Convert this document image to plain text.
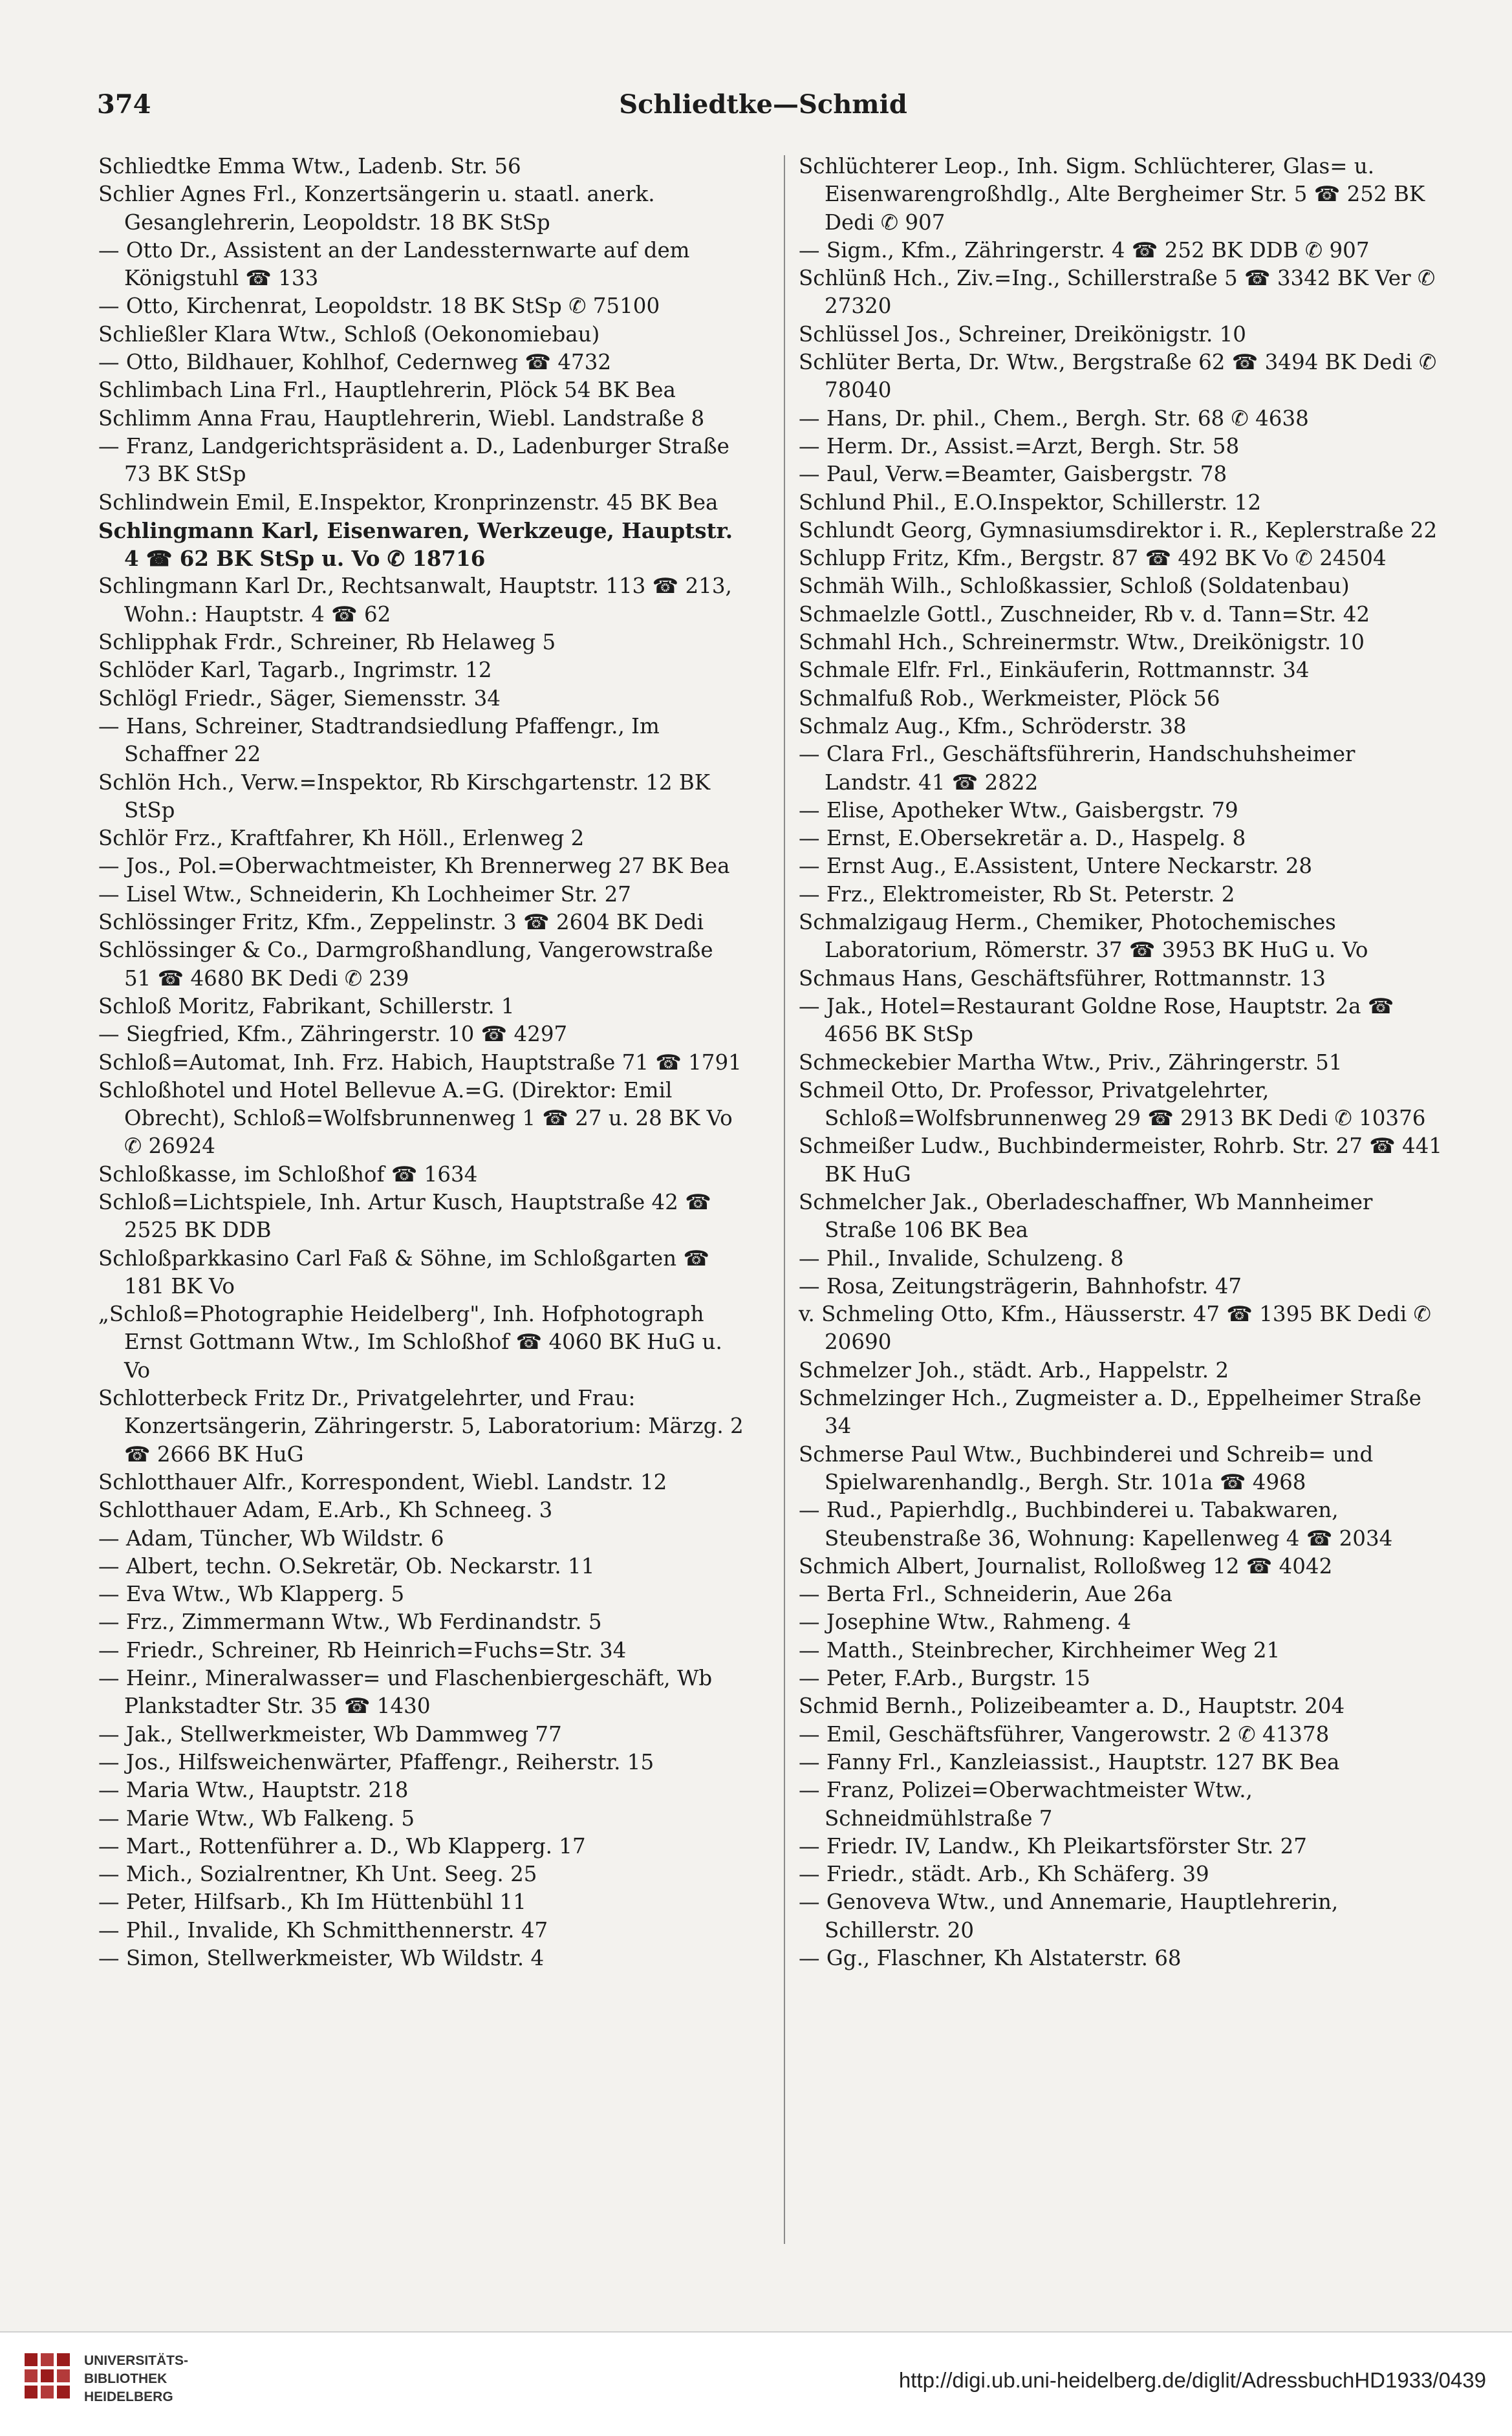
374	Schliedtke—Schmid
Schliedtke Emma Wtw., Ladenb. Str. 56
Schlier Agnes Frl., Konzertsängerin u. staatl. anerk. Gesanglehrerin, Leopoldstr. 18 BK StSp
— Otto Dr., Assistent an der Landessternwarte auf dem Königstuhl ☎ 133
— Otto, Kirchenrat, Leopoldstr. 18 BK StSp ✆ 75100
Schließler Klara Wtw., Schloß (Oekonomiebau)
— Otto, Bildhauer, Kohlhof, Cedernweg ☎ 4732
Schlimbach Lina Frl., Hauptlehrerin, Plöck 54 BK Bea
Schlimm Anna Frau, Hauptlehrerin, Wiebl. Landstraße 8
— Franz, Landgerichtspräsident a. D., Ladenburger Straße 73 BK StSp
Schlindwein Emil, E.Inspektor, Kronprinzenstr. 45 BK Bea
Schlingmann Karl, Eisenwaren, Werkzeuge, Hauptstr. 4 ☎ 62 BK StSp u. Vo ✆ 18716
Schlingmann Karl Dr., Rechtsanwalt, Hauptstr. 113 ☎ 213, Wohn.: Hauptstr. 4 ☎ 62
Schlipphak Frdr., Schreiner, Rb Helaweg 5
Schlöder Karl, Tagarb., Ingrimstr. 12
Schlögl Friedr., Säger, Siemensstr. 34
— Hans, Schreiner, Stadtrandsiedlung Pfaffengr., Im Schaffner 22
Schlön Hch., Verw.=Inspektor, Rb Kirschgartenstr. 12 BK StSp
Schlör Frz., Kraftfahrer, Kh Höll., Erlenweg 2
— Jos., Pol.=Oberwachtmeister, Kh Brennerweg 27 BK Bea
— Lisel Wtw., Schneiderin, Kh Lochheimer Str. 27
Schlössinger Fritz, Kfm., Zeppelinstr. 3 ☎ 2604 BK Dedi
Schlössinger & Co., Darmgroßhandlung, Vangerowstraße 51 ☎ 4680 BK Dedi ✆ 239
Schloß Moritz, Fabrikant, Schillerstr. 1
— Siegfried, Kfm., Zähringerstr. 10 ☎ 4297
Schloß=Automat, Inh. Frz. Habich, Hauptstraße 71 ☎ 1791
Schloßhotel und Hotel Bellevue A.=G. (Direktor: Emil Obrecht), Schloß=Wolfsbrunnenweg 1 ☎ 27 u. 28 BK Vo ✆ 26924
Schloßkasse, im Schloßhof ☎ 1634
Schloß=Lichtspiele, Inh. Artur Kusch, Hauptstraße 42 ☎ 2525 BK DDB
Schloßparkkasino Carl Faß & Söhne, im Schloßgarten ☎ 181 BK Vo
„Schloß=Photographie Heidelberg", Inh. Hofphotograph Ernst Gottmann Wtw., Im Schloßhof ☎ 4060 BK HuG u. Vo
Schlotterbeck Fritz Dr., Privatgelehrter, und Frau: Konzertsängerin, Zähringerstr. 5, Laboratorium: Märzg. 2 ☎ 2666 BK HuG
Schlotthauer Alfr., Korrespondent, Wiebl. Landstr. 12
Schlotthauer Adam, E.Arb., Kh Schneeg. 3
— Adam, Tüncher, Wb Wildstr. 6
— Albert, techn. O.Sekretär, Ob. Neckarstr. 11
— Eva Wtw., Wb Klapperg. 5
— Frz., Zimmermann Wtw., Wb Ferdinandstr. 5
— Friedr., Schreiner, Rb Heinrich=Fuchs=Str. 34
— Heinr., Mineralwasser= und Flaschenbiergeschäft, Wb Plankstadter Str. 35 ☎ 1430
— Jak., Stellwerkmeister, Wb Dammweg 77
— Jos., Hilfsweichenwärter, Pfaffengr., Reiherstr. 15
— Maria Wtw., Hauptstr. 218
— Marie Wtw., Wb Falkeng. 5
— Mart., Rottenführer a. D., Wb Klapperg. 17
— Mich., Sozialrentner, Kh Unt. Seeg. 25
— Peter, Hilfsarb., Kh Im Hüttenbühl 11
— Phil., Invalide, Kh Schmitthennerstr. 47
— Simon, Stellwerkmeister, Wb Wildstr. 4
Schlüchterer Leop., Inh. Sigm. Schlüchterer, Glas= u. Eisenwarengroßhdlg., Alte Bergheimer Str. 5 ☎ 252 BK Dedi ✆ 907
— Sigm., Kfm., Zähringerstr. 4 ☎ 252 BK DDB ✆ 907
Schlünß Hch., Ziv.=Ing., Schillerstraße 5 ☎ 3342 BK Ver ✆ 27320
Schlüssel Jos., Schreiner, Dreikönigstr. 10
Schlüter Berta, Dr. Wtw., Bergstraße 62 ☎ 3494 BK Dedi ✆ 78040
— Hans, Dr. phil., Chem., Bergh. Str. 68 ✆ 4638
— Herm. Dr., Assist.=Arzt, Bergh. Str. 58
— Paul, Verw.=Beamter, Gaisbergstr. 78
Schlund Phil., E.O.Inspektor, Schillerstr. 12
Schlundt Georg, Gymnasiumsdirektor i. R., Keplerstraße 22
Schlupp Fritz, Kfm., Bergstr. 87 ☎ 492 BK Vo ✆ 24504
Schmäh Wilh., Schloßkassier, Schloß (Soldatenbau)
Schmaelzle Gottl., Zuschneider, Rb v. d. Tann=Str. 42
Schmahl Hch., Schreinermstr. Wtw., Dreikönigstr. 10
Schmale Elfr. Frl., Einkäuferin, Rottmannstr. 34
Schmalfuß Rob., Werkmeister, Plöck 56
Schmalz Aug., Kfm., Schröderstr. 38
— Clara Frl., Geschäftsführerin, Handschuhsheimer Landstr. 41 ☎ 2822
— Elise, Apotheker Wtw., Gaisbergstr. 79
— Ernst, E.Obersekretär a. D., Haspelg. 8
— Ernst Aug., E.Assistent, Untere Neckarstr. 28
— Frz., Elektromeister, Rb St. Peterstr. 2
Schmalzigaug Herm., Chemiker, Photochemisches Laboratorium, Römerstr. 37 ☎ 3953 BK HuG u. Vo
Schmaus Hans, Geschäftsführer, Rottmannstr. 13
— Jak., Hotel=Restaurant Goldne Rose, Hauptstr. 2a ☎ 4656 BK StSp
Schmeckebier Martha Wtw., Priv., Zähringerstr. 51
Schmeil Otto, Dr. Professor, Privatgelehrter, Schloß=Wolfsbrunnenweg 29 ☎ 2913 BK Dedi ✆ 10376
Schmeißer Ludw., Buchbindermeister, Rohrb. Str. 27 ☎ 441 BK HuG
Schmelcher Jak., Oberladeschaffner, Wb Mannheimer Straße 106 BK Bea
— Phil., Invalide, Schulzeng. 8
— Rosa, Zeitungsträgerin, Bahnhofstr. 47
v. Schmeling Otto, Kfm., Häusserstr. 47 ☎ 1395 BK Dedi ✆ 20690
Schmelzer Joh., städt. Arb., Happelstr. 2
Schmelzinger Hch., Zugmeister a. D., Eppelheimer Straße 34
Schmerse Paul Wtw., Buchbinderei und Schreib= und Spielwarenhandlg., Bergh. Str. 101a ☎ 4968
— Rud., Papierhdlg., Buchbinderei u. Tabakwaren, Steubenstraße 36, Wohnung: Kapellenweg 4 ☎ 2034
Schmich Albert, Journalist, Rolloßweg 12 ☎ 4042
— Berta Frl., Schneiderin, Aue 26a
— Josephine Wtw., Rahmeng. 4
— Matth., Steinbrecher, Kirchheimer Weg 21
— Peter, F.Arb., Burgstr. 15
Schmid Bernh., Polizeibeamter a. D., Hauptstr. 204
— Emil, Geschäftsführer, Vangerowstr. 2 ✆ 41378
— Fanny Frl., Kanzleiassist., Hauptstr. 127 BK Bea
— Franz, Polizei=Oberwachtmeister Wtw., Schneidmühlstraße 7
— Friedr. IV, Landw., Kh Pleikartsförster Str. 27
— Friedr., städt. Arb., Kh Schäferg. 39
— Genoveva Wtw., und Annemarie, Hauptlehrerin, Schillerstr. 20
— Gg., Flaschner, Kh Alstaterstr. 68
UNIVERSITÄTS-
BIBLIOTHEK
HEIDELBERG
http://digi.ub.uni-heidelberg.de/diglit/AdressbuchHD1933/0439
